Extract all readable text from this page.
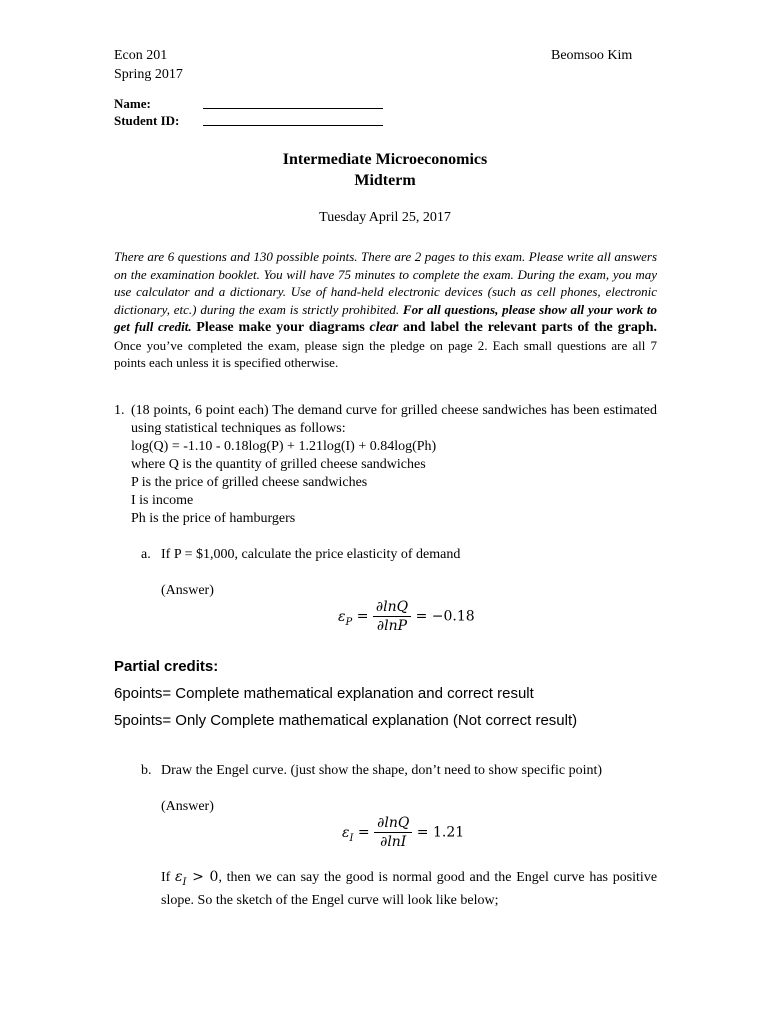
Econ 201
Spring 2017
Beomsoo Kim
Name:
Student ID:
Intermediate Microeconomics
Midterm
Tuesday April 25, 2017
There are 6 questions and 130 possible points. There are 2 pages to this exam. Please write all answers on the examination booklet. You will have 75 minutes to complete the exam. During the exam, you may use calculator and a dictionary. Use of hand-held electronic devices (such as cell phones, electronic dictionary, etc.) during the exam is strictly prohibited. For all questions, please show all your work to get full credit. Please make your diagrams clear and label the relevant parts of the graph. Once you’ve completed the exam, please sign the pledge on page 2. Each small questions are all 7 points each unless it is specified otherwise.
1. (18 points, 6 point each) The demand curve for grilled cheese sandwiches has been estimated using statistical techniques as follows:
log(Q) = -1.10 - 0.18log(P) + 1.21log(I) + 0.84log(Ph)
where Q is the quantity of grilled cheese sandwiches
P is the price of grilled cheese sandwiches
I is income
Ph is the price of hamburgers
a. If P = $1,000, calculate the price elasticity of demand
(Answer)
$\varepsilon_P = \frac{\partial\ln Q}{\partial\ln P} = -0.18$
Partial credits:
6points= Complete mathematical explanation and correct result
5points= Only Complete mathematical explanation (Not correct result)
b. Draw the Engel curve. (just show the shape, don’t need to show specific point)
(Answer)
$\varepsilon_I = \frac{\partial\ln Q}{\partial\ln I} = 1.21$
If $\varepsilon_I > 0$, then we can say the good is normal good and the Engel curve has positive slope. So the sketch of the Engel curve will look like below;
